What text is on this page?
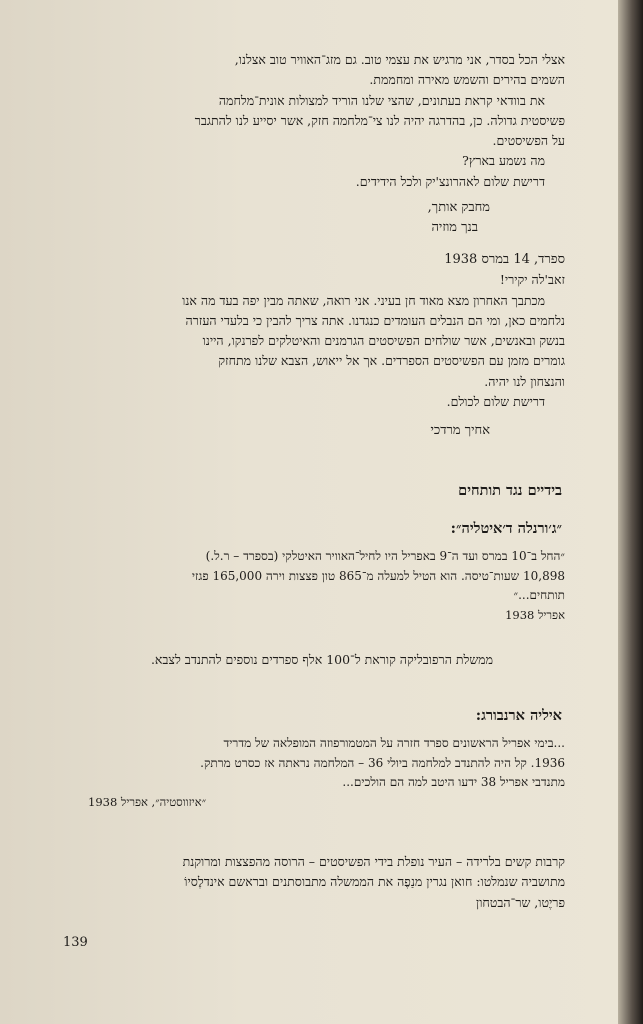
אצלי הכל בסדר, אני מרגיש את עצמי טוב. גם מזג־האוויר טוב אצלנו,

השמים בהירים והשמש מאירה ומחממת.

את בוודאי קראת בעתונים, שהצי שלנו הוריד למצולות אונית־מלחמה

פשיסטית גדולה. כן, בהדרגה יהיה לנו צי־מלחמה חזק, אשר יסייע לנו להתגבר

על הפשיסטים.

מה נשמע בארץ?

דרישת שלום לאהרונצ'יק ולכל הידידים.

מחבק אותך,
בנך מוזיה

ספרד, 14 במרס 1938

זאב'לה יקירי!

מכתבך האחרון מצא מאוד חן בעיני. אני רואה, שאתה מבין יפה בעד מה אנו

נלחמים כאן, ומי הם הנבלים העומדים כנגדנו. אתה צריך להבין כי בלעדי העזרה

בנשק ובאנשים, אשר שולחים הפשיסטים הגרמנים והאיטלקים לפרנקו, היינו

גומרים מזמן עם הפשיסטים הספרדים. אך אל ייאוש, הצבא שלנו מתחזק

והנצחון לנו יהיה.

דרישת שלום לכולם.

אחיך מרדכי
בידיים נגד תותחים
״ג׳ורנלה ד׳איטליה״:

״החל ב־10 במרס ועד ה־9 באפריל היו לחיל־האוויר האיטלקי (בספרד – ר.ל.)

10,898 שעות־טיסה. הוא הטיל למעלה מ־865 טון פצצות וירה 165,000 פגזי

תותחים...״

אפריל 1938

ממשלת הרפובליקה קוראת ל־100 אלף ספרדים נוספים להתנדב לצבא.
איליה ארנבורג:

...בימי אפריל הראשונים ספרד חזרה על המטמורפוזה המופלאה של מדריד

1936. קל היה להתנדב למלחמה ביולי 36 – המלחמה נראתה אז כסרט מרתק.

מתנדבי אפריל 38 ידעו היטב למה הם הולכים...

״איזווסטיה״, אפריל 1938

קרבות קשים בלרידה – העיר נופלת בידי הפשיסטים – הרוסה מהפצצות ומרוקנת

מתושביה שנמלטו: חואן נגרין מנַפֶה את הממשלה מתבוסתנים ובראשם אינדלֶסיוֹ

פריֶטו, שר־הבטחון

139
